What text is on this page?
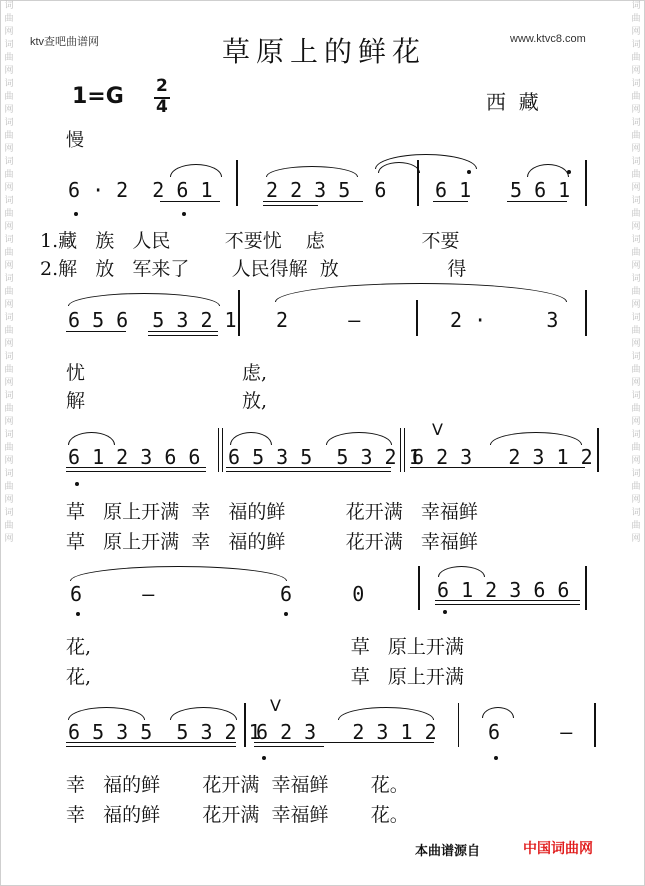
词 曲 网 词 曲 网 词 曲 网 词 曲 网 词 曲 网 词 曲 网 词 曲 网 词 曲 网 词 曲 网 词 曲 网 词 曲 网 词 曲 网 词 曲 网 词 曲 网
词 曲 网 词 曲 网 词 曲 网 词 曲 网 词 曲 网 词 曲 网 词 曲 网 词 曲 网 词 曲 网 词 曲 网 词 曲 网 词 曲 网 词 曲 网 词 曲 网
ktv查吧曲谱网	www.ktvc8.com
草原上的鲜花
1=G 2
4	西  藏
慢
6 · 2  2 6 1	2 2 3 5  6 6 1 5 6 1
1.藏   族   人民         不要忧    虑                不要
2.解   放   军来了       人民得解  放                  得
6 5 6  5 3 2 1 2     —	2 ·     3
忧                          虑,
解                          放,
6 1 2 3 6 6 6 5 3 5  5 3 2 1
6 2 3   2 3 1 2
V
草   原上开满  幸   福的鲜          花开满   幸福鲜
草   原上开满  幸   福的鲜          花开满   幸福鲜
6     —	6     0	6 1 2 3 6 6
花,                                           草   原上开满
花,                                           草   原上开满
6 5 3 5  5 3 2 1
6 2 3   2 3 1 2	6     —
V
幸   福的鲜       花开满  幸福鲜       花。
幸   福的鲜       花开满  幸福鲜       花。
本曲谱源自	中国词曲网
